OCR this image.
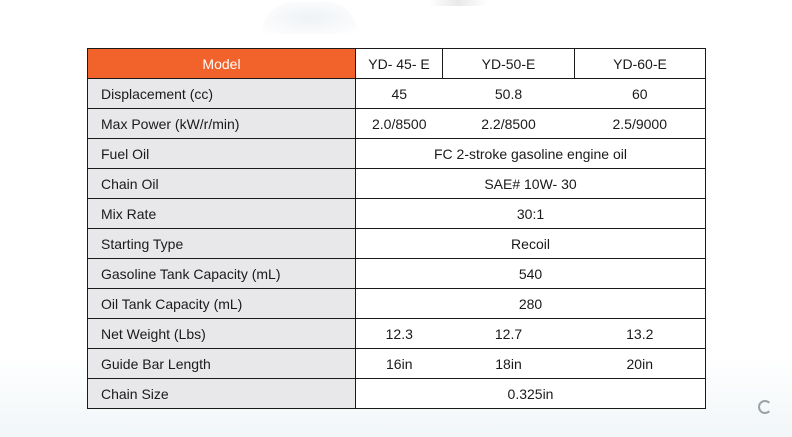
Model	YD- 45- E	YD-50-E	YD-60-E
Displacement (cc)	45	50.8	60
Max Power (kW/r/min)	2.0/8500	2.2/8500	2.5/9000
Fuel Oil	FC 2-stroke gasoline engine oil		
Chain Oil	SAE# 10W- 30		
Mix Rate	30:1		
Starting Type	Recoil		
Gasoline Tank Capacity (mL)	540		
Oil Tank Capacity (mL)	280		
Net Weight (Lbs)	12.3	12.7	13.2
Guide Bar Length	16in	18in	20in
Chain Size	0.325in		
